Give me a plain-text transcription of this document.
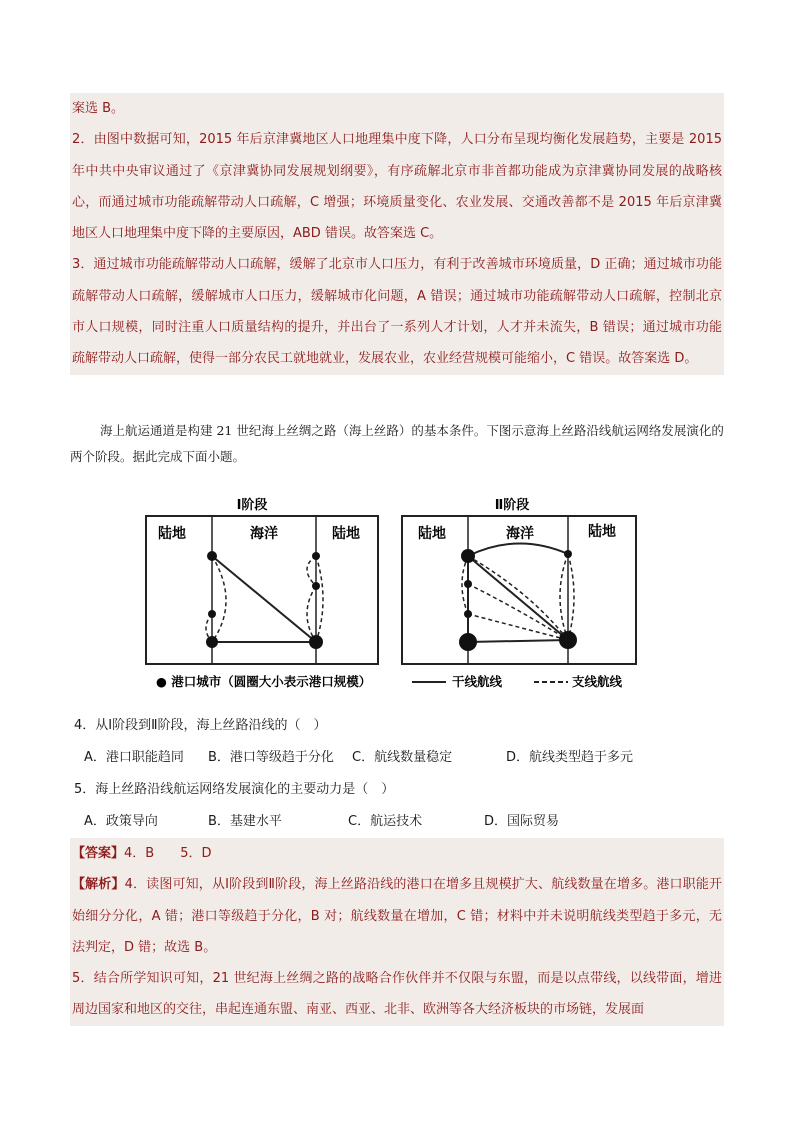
案选 B。

2．由图中数据可知，2015 年后京津冀地区人口地理集中度下降，人口分布呈现均衡化发展趋势，主要是 2015 年中共中央审议通过了《京津冀协同发展规划纲要》，有序疏解北京市非首都功能成为京津冀协同发展的战略核心，而通过城市功能疏解带动人口疏解，C 增强；环境质量变化、农业发展、交通改善都不是 2015 年后京津冀地区人口地理集中度下降的主要原因，ABD 错误。故答案选 C。

3．通过城市功能疏解带动人口疏解，缓解了北京市人口压力，有利于改善城市环境质量，D 正确；通过城市功能疏解带动人口疏解，缓解城市人口压力，缓解城市化问题，A 错误；通过城市功能疏解带动人口疏解，控制北京市人口规模，同时注重人口质量结构的提升，并出台了一系列人才计划，人才并未流失，B 错误；通过城市功能疏解带动人口疏解，使得一部分农民工就地就业，发展农业，农业经营规模可能缩小，C 错误。故答案选 D。

海上航运通道是构建 21 世纪海上丝绸之路（海上丝路）的基本条件。下图示意海上丝路沿线航运网络发展演化的两个阶段。据此完成下面小题。

Ⅰ阶段
陆地	海洋	陆地
Ⅱ阶段
陆地	海洋	陆地
● 港口城市（圆圈大小表示港口规模）	干线航线	支线航线
4．从Ⅰ阶段到Ⅱ阶段，海上丝路沿线的（　）
A．港口职能趋同	B．港口等级趋于分化	C．航线数量稳定	D．航线类型趋于多元
5．海上丝路沿线航运网络发展演化的主要动力是（　）
A．政策导向	B．基建水平	C．航运技术	D．国际贸易

【答案】4．B　　5．D

【解析】4．读图可知，从Ⅰ阶段到Ⅱ阶段，海上丝路沿线的港口在增多且规模扩大、航线数量在增多。港口职能开始细分分化，A 错；港口等级趋于分化，B 对；航线数量在增加，C 错；材料中并未说明航线类型趋于多元，无法判定，D 错；故选 B。

5．结合所学知识可知，21 世纪海上丝绸之路的战略合作伙伴并不仅限与东盟，而是以点带线，以线带面，增进周边国家和地区的交往，串起连通东盟、南亚、西亚、北非、欧洲等各大经济板块的市场链，发展面
